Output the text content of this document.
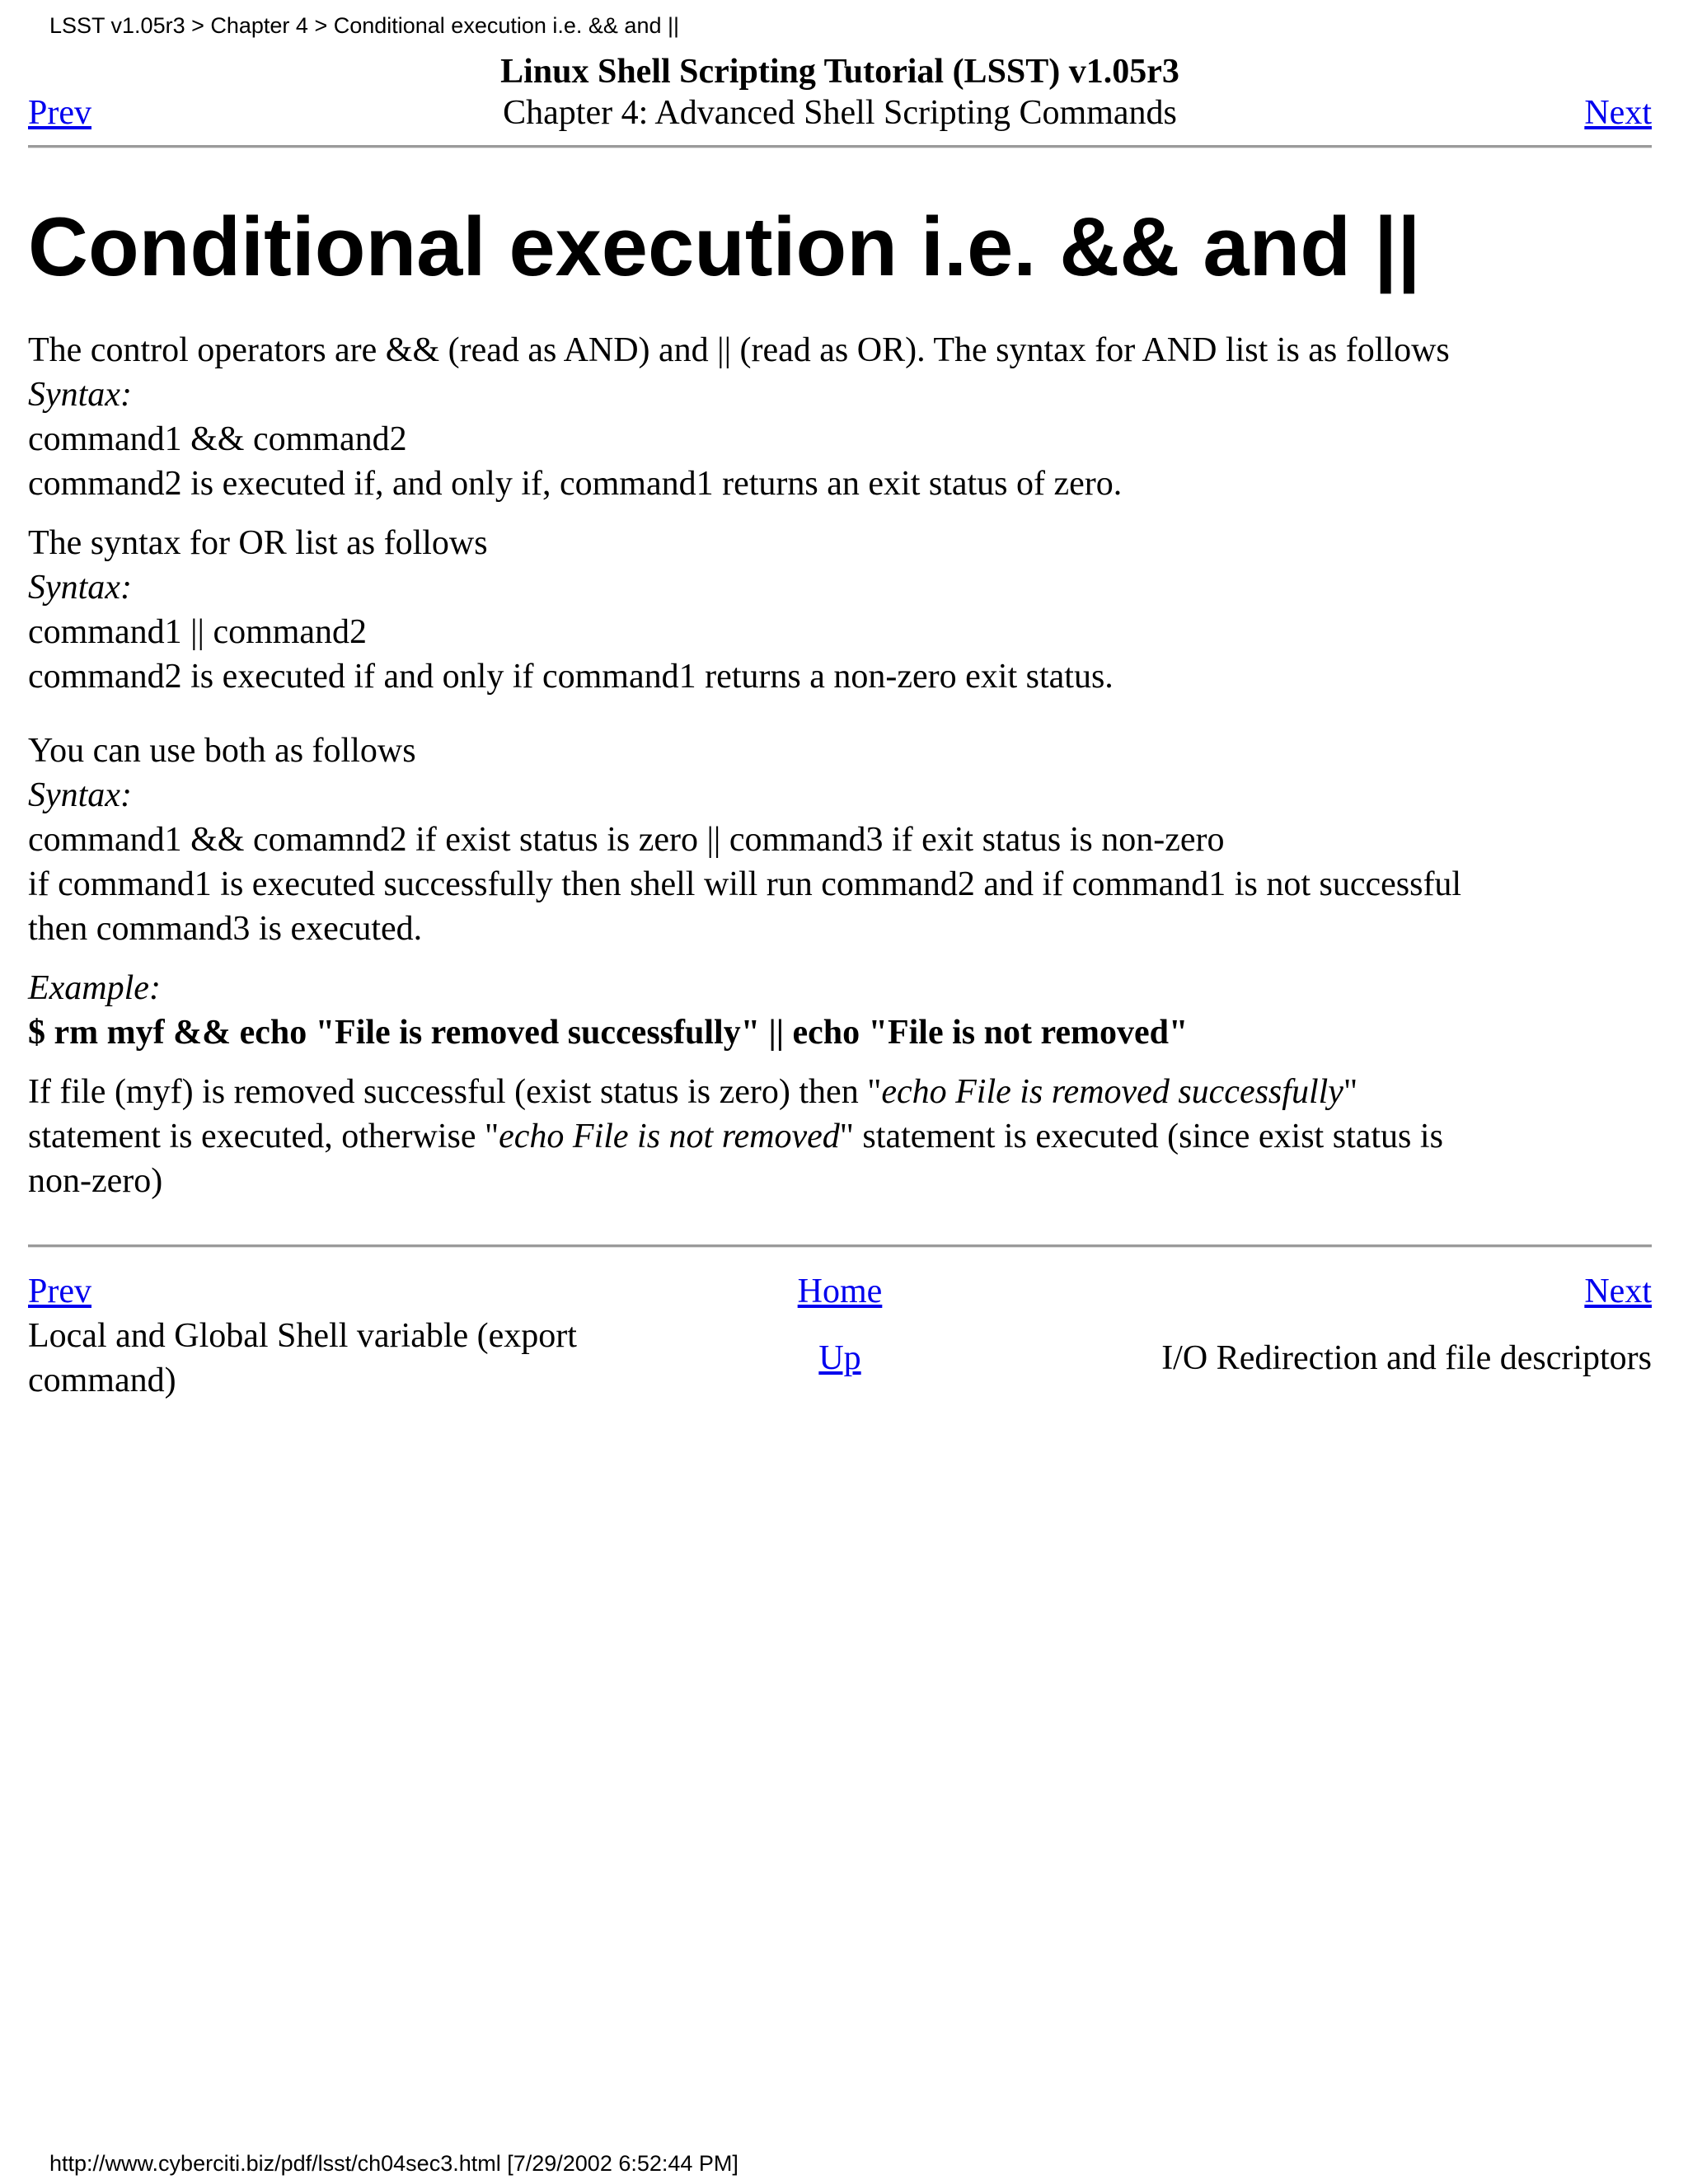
LSST v1.05r3 > Chapter 4 > Conditional execution i.e. && and ||
Prev
Linux Shell Scripting Tutorial (LSST) v1.05r3
Chapter 4: Advanced Shell Scripting Commands	Next
Conditional execution i.e. && and ||

The control operators are && (read as AND) and || (read as OR). The syntax for AND list is as follows
Syntax:
command1 && command2
command2 is executed if, and only if, command1 returns an exit status of zero.

The syntax for OR list as follows
Syntax:
command1 || command2
command2 is executed if and only if command1 returns a non-zero exit status.
You can use both as follows
Syntax:
command1 && comamnd2 if exist status is zero || command3 if exit status is non-zero
if command1 is executed successfully then shell will run command2 and if command1 is not successful
then command3 is executed.

Example:
$ rm myf && echo "File is removed successfully" || echo "File is not removed"

If file (myf) is removed successful (exist status is zero) then "echo File is removed successfully"
statement is executed, otherwise "echo File is not removed" statement is executed (since exist status is
non-zero)

Prev	Home	Next

Local and Global Shell variable (export
command)	Up	I/O Redirection and file descriptors
http://www.cyberciti.biz/pdf/lsst/ch04sec3.html [7/29/2002 6:52:44 PM]
